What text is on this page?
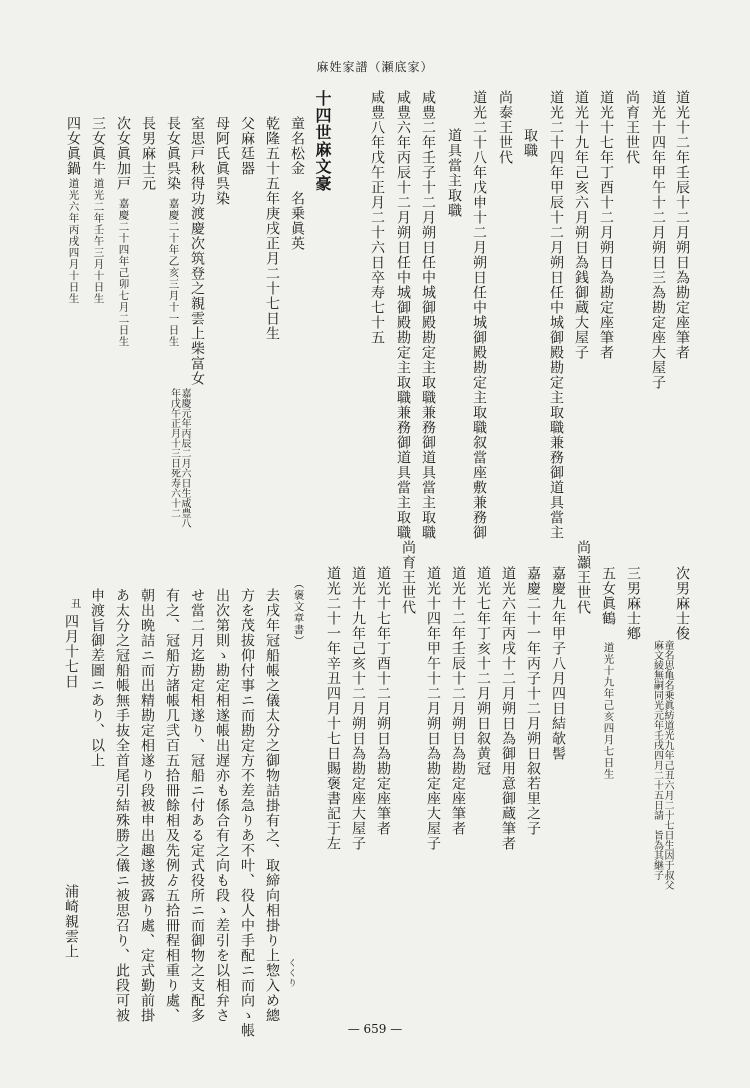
麻姓家譜（瀬底家）
道光十二年壬辰十二月朔日為勘定座筆者
道光十四年甲午十二月朔日三為勘定座大屋子
尚育王世代
道光十七年丁酉十二月朔日為勘定座筆者
道光十九年己亥六月朔日為銭御蔵大屋子
道光二十四年甲辰十二月朔日任中城御殿勘定主取職兼務御道具當主
取職
尚泰王世代
道光二十八年戊申十二月朔日任中城御殿勘定主取職叙當座敷兼務御
道具當主取職
咸豊二年壬子十二月朔日任中城御殿勘定主取職兼務御道具當主取職
咸豊六年丙辰十二月朔日任中城御殿勘定主取職兼務御道具當主取職
咸豊八年戊午正月二十六日卒寿七十五
十四世麻文豪
童名松金　名乗眞英
乾隆五十五年庚戌正月二十七日生
父麻廷器
母阿氏眞呉染
室思戸秋得功渡慶次筑登之親雲上柴富女
嘉慶元年丙辰二月六日生咸豊八
年戊午正月十三日死寿六十二
長女眞呉染
嘉慶二十年乙亥三月十一日生
長男麻士元
次女眞加戸
嘉慶二十四年己卯七月二日生
三女眞牛
道光二年壬午三月十日生
四女眞鍋
道光六年丙戌四月十日生
次男麻士俊
童名思亀名乗眞紡道光九年己丑六月二十七日生因于叔父
麻文綾無嗣同光元年壬戌四月二十五日請　旨為其継子
三男麻士鄕
五女眞鶴
道光十九年己亥四月七日生
尚灝王世代
嘉慶九年甲子八月四日結欹髻
嘉慶二十一年丙子十二月朔日叙若里之子
道光六年丙戌十二月朔日為御用意御蔵筆者
道光七年丁亥十二月朔日叙黄冠
道光十二年壬辰十二月朔日為勘定座筆者
道光十四年甲午十二月朔日為勘定座大屋子
尚育王世代
道光十七年丁酉十二月朔日為勘定座筆者
道光十九年己亥十二月朔日為勘定座大屋子
道光二十一年辛丑四月十七日賜褒書記于左
（褒文章書）
くくり
去戌年冠船帳之儀太分之御物詰掛有之、取締向相掛り上惣入め總
方を茂拔仰付事ニ而勘定方不差急りあ不叶、役人中手配ニ而向ゝ帳
出次第則ゝ勘定相遂帳出遅亦も係合有之向も段ゝ差引を以相弁さ
せ當二月迄勘定相遂り、冠船ニ付ある定式役所ニ而御物之支配多
有之、冠船方諸帳几弐百五拾冊餘相及先例ゟ五拾冊程相重り處、
朝出晩詰ニ而出精勘定相遂り段被申出趣遂披露り處、定式勤前掛
あ太分之冠船帳無手抜全首尾引結殊勝之儀ニ被思召り、此段可被
申渡旨御差圖ニあり、以上
丑
四月十七日
浦崎親雲上
— 659 —
